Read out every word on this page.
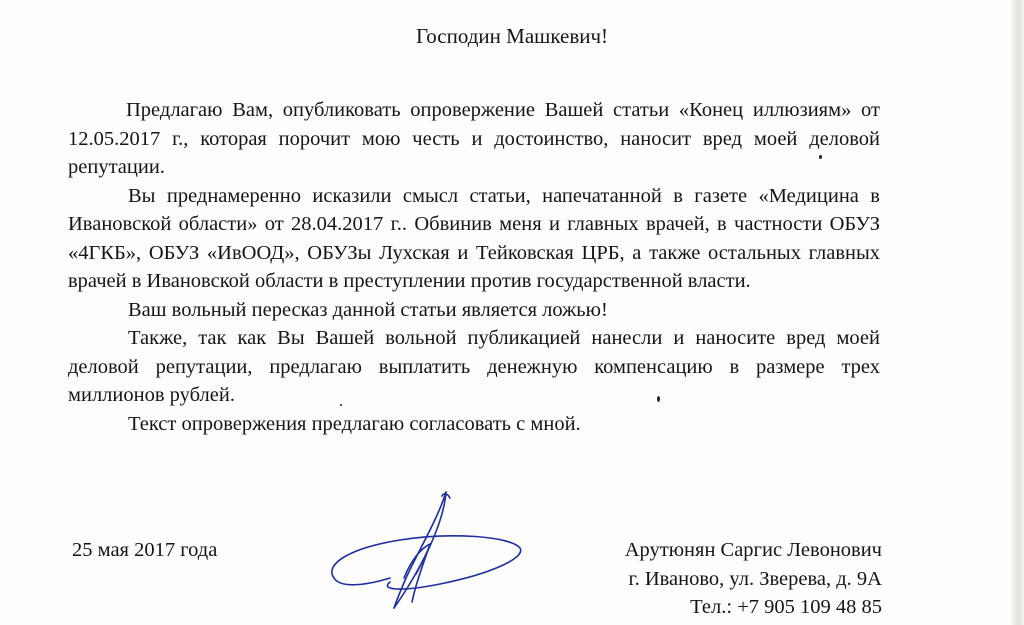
Господин Машкевич!

Предлагаю Вам, опубликовать опровержение Вашей статьи «Конец иллюзиям» от 12.05.2017 г., которая порочит мою честь и достоинство, наносит вред моей деловой репутации.

Вы преднамеренно исказили смысл статьи, напечатанной в газете «Медицина в Ивановской области» от 28.04.2017 г.. Обвинив меня и главных врачей, в частности ОБУЗ «4ГКБ», ОБУЗ «ИвООД», ОБУЗы Лухская и Тейковская ЦРБ, а также остальных главных врачей в Ивановской области в преступлении против государственной власти.

Ваш вольный пересказ данной статьи является ложью!

Также, так как Вы Вашей вольной публикацией нанесли и наносите вред моей деловой репутации, предлагаю выплатить денежную компенсацию в размере трех миллионов рублей.

Текст опровержения предлагаю согласовать с мной.

25 мая 2017 года	Арутюнян Саргис Левонович
г. Иваново, ул. Зверева, д. 9А
Тел.: +7 905 109 48 85
